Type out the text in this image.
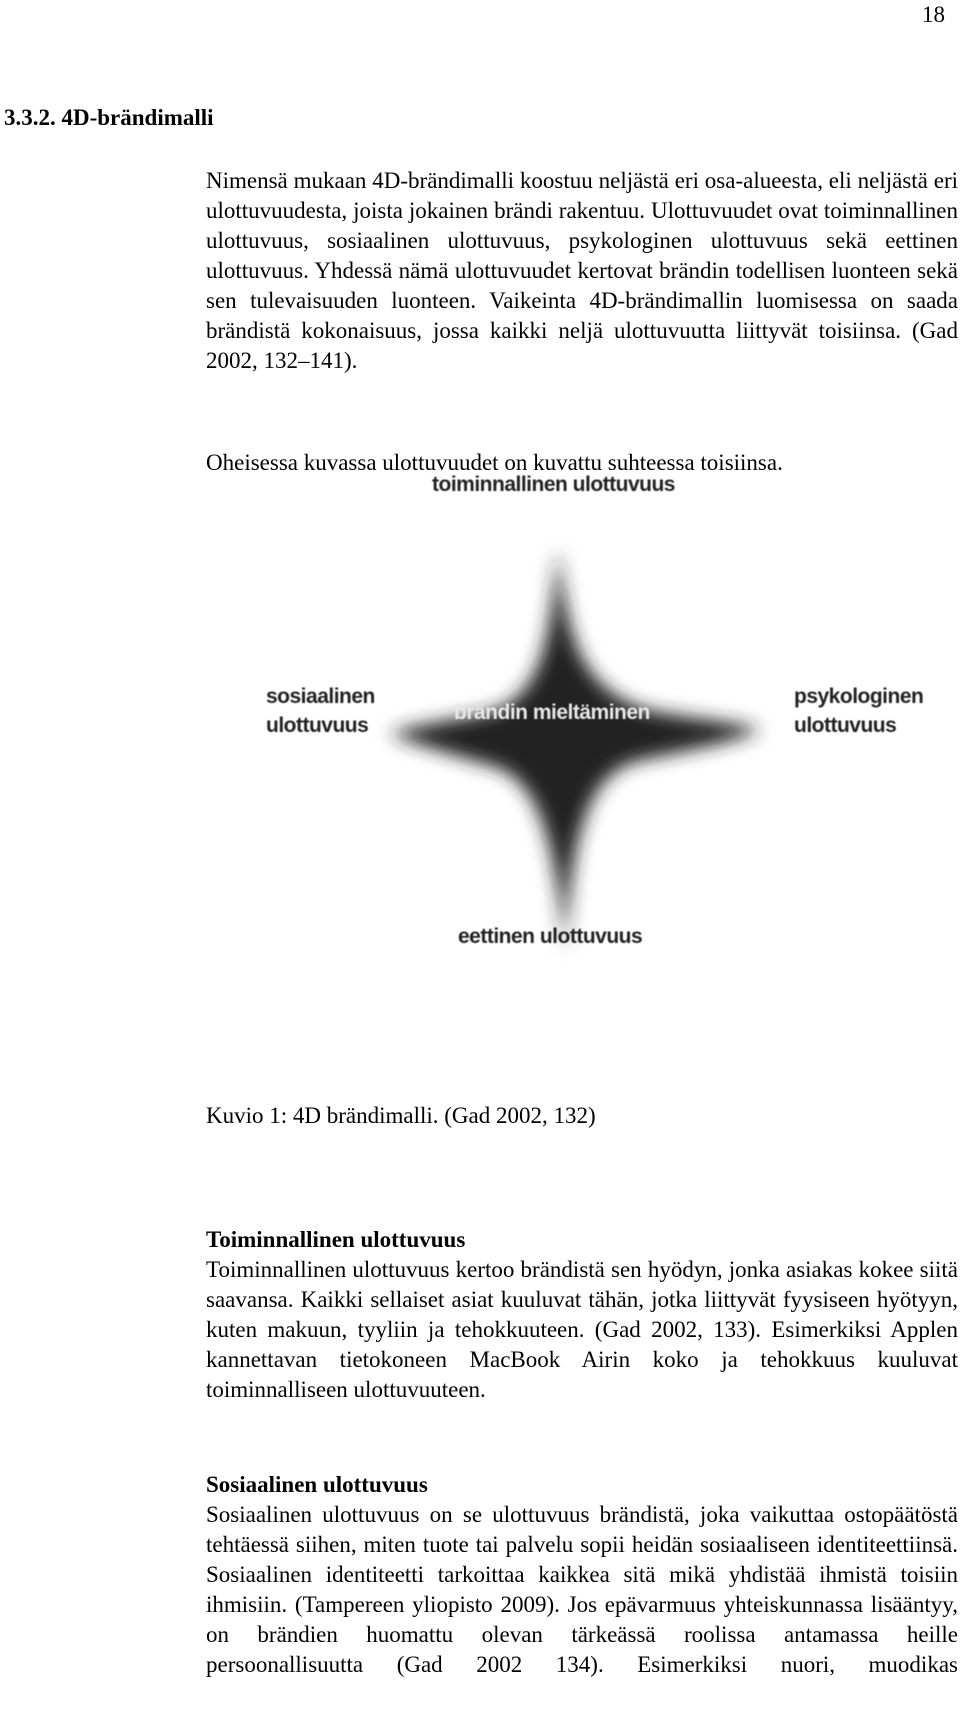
18
3.3.2. 4D-brändimalli

Nimensä mukaan 4D-brändimalli koostuu neljästä eri osa-alueesta, eli neljästä eri ulottuvuudesta, joista jokainen brändi rakentuu. Ulottuvuudet ovat toiminnallinen ulottuvuus, sosiaalinen ulottuvuus, psykologinen ulottuvuus sekä eettinen ulottuvuus. Yhdessä nämä ulottuvuudet kertovat brändin todellisen luonteen sekä sen tulevaisuuden luonteen. Vaikeinta 4D-brändimallin luomisessa on saada brändistä kokonaisuus, jossa kaikki neljä ulottuvuutta liittyvät toisiinsa. (Gad 2002, 132–141).

Oheisessa kuvassa ulottuvuudet on kuvattu suhteessa toisiinsa.

toiminnallinen ulottuvuus
sosiaalinen
ulottuvuus
brändin mieltäminen
psykologinen
ulottuvuus
eettinen ulottuvuus

Kuvio 1: 4D brändimalli. (Gad 2002, 132)

Toiminnallinen ulottuvuus

Toiminnallinen ulottuvuus kertoo brändistä sen hyödyn, jonka asiakas kokee siitä saavansa. Kaikki sellaiset asiat kuuluvat tähän, jotka liittyvät fyysiseen hyötyyn, kuten makuun, tyyliin ja tehokkuuteen. (Gad 2002, 133). Esimerkiksi Applen kannettavan tietokoneen MacBook Airin koko ja tehokkuus kuuluvat toiminnalliseen ulottuvuuteen.

Sosiaalinen ulottuvuus

Sosiaalinen ulottuvuus on se ulottuvuus brändistä, joka vaikuttaa ostopäätöstä tehtäessä siihen, miten tuote tai palvelu sopii heidän sosiaaliseen identiteettiinsä. Sosiaalinen identiteetti tarkoittaa kaikkea sitä mikä yhdistää ihmistä toisiin ihmisiin. (Tampereen yliopisto 2009). Jos epävarmuus yhteiskunnassa lisääntyy, on brändien huomattu olevan tärkeässä roolissa antamassa heille persoonallisuutta (Gad 2002 134). Esimerkiksi nuori, muodikas
